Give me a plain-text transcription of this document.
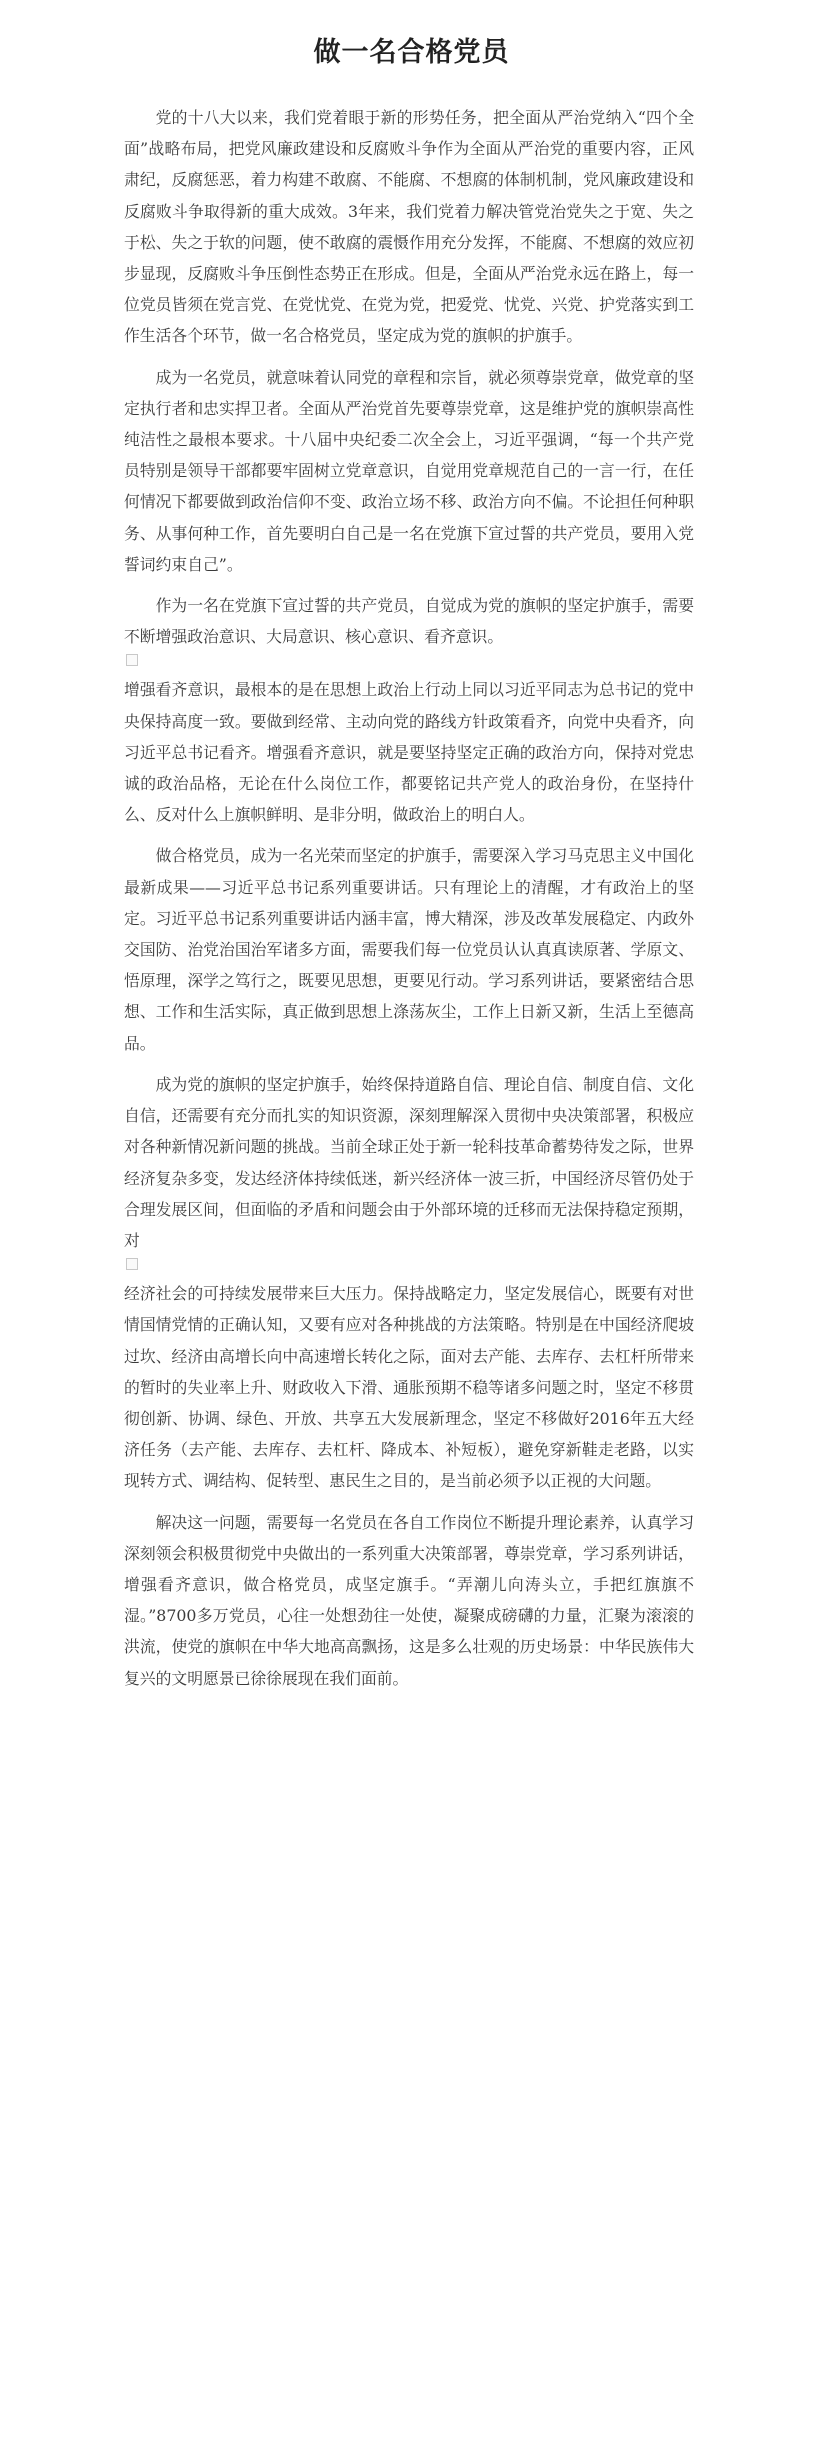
做一名合格党员

党的十八大以来，我们党着眼于新的形势任务，把全面从严治党纳入“四个全面”战略布局，把党风廉政建设和反腐败斗争作为全面从严治党的重要内容，正风肃纪，反腐惩恶，着力构建不敢腐、不能腐、不想腐的体制机制，党风廉政建设和反腐败斗争取得新的重大成效。3年来，我们党着力解决管党治党失之于宽、失之于松、失之于软的问题，使不敢腐的震慑作用充分发挥，不能腐、不想腐的效应初步显现，反腐败斗争压倒性态势正在形成。但是，全面从严治党永远在路上，每一位党员皆须在党言党、在党忧党、在党为党，把爱党、忧党、兴党、护党落实到工作生活各个环节，做一名合格党员，坚定成为党的旗帜的护旗手。

成为一名党员，就意味着认同党的章程和宗旨，就必须尊崇党章，做党章的坚定执行者和忠实捍卫者。全面从严治党首先要尊崇党章，这是维护党的旗帜崇高性纯洁性之最根本要求。十八届中央纪委二次全会上，习近平强调，“每一个共产党员特别是领导干部都要牢固树立党章意识，自觉用党章规范自己的一言一行，在任何情况下都要做到政治信仰不变、政治立场不移、政治方向不偏。不论担任何种职务、从事何种工作，首先要明白自己是一名在党旗下宣过誓的共产党员，要用入党誓词约束自己”。

作为一名在党旗下宣过誓的共产党员，自觉成为党的旗帜的坚定护旗手，需要不断增强政治意识、大局意识、核心意识、看齐意识。

增强看齐意识，最根本的是在思想上政治上行动上同以习近平同志为总书记的党中央保持高度一致。要做到经常、主动向党的路线方针政策看齐，向党中央看齐，向习近平总书记看齐。增强看齐意识，就是要坚持坚定正确的政治方向，保持对党忠诚的政治品格，无论在什么岗位工作，都要铭记共产党人的政治身份，在坚持什么、反对什么上旗帜鲜明、是非分明，做政治上的明白人。

做合格党员，成为一名光荣而坚定的护旗手，需要深入学习马克思主义中国化最新成果——习近平总书记系列重要讲话。只有理论上的清醒，才有政治上的坚定。习近平总书记系列重要讲话内涵丰富，博大精深，涉及改革发展稳定、内政外交国防、治党治国治军诸多方面，需要我们每一位党员认认真真读原著、学原文、悟原理，深学之笃行之，既要见思想，更要见行动。学习系列讲话，要紧密结合思想、工作和生活实际，真正做到思想上涤荡灰尘，工作上日新又新，生活上至德高品。

成为党的旗帜的坚定护旗手，始终保持道路自信、理论自信、制度自信、文化自信，还需要有充分而扎实的知识资源，深刻理解深入贯彻中央决策部署，积极应对各种新情况新问题的挑战。当前全球正处于新一轮科技革命蓄势待发之际，世界经济复杂多变，发达经济体持续低迷，新兴经济体一波三折，中国经济尽管仍处于合理发展区间，但面临的矛盾和问题会由于外部环境的迁移而无法保持稳定预期，对

经济社会的可持续发展带来巨大压力。保持战略定力，坚定发展信心，既要有对世情国情党情的正确认知，又要有应对各种挑战的方法策略。特别是在中国经济爬坡过坎、经济由高增长向中高速增长转化之际，面对去产能、去库存、去杠杆所带来的暂时的失业率上升、财政收入下滑、通胀预期不稳等诸多问题之时，坚定不移贯彻创新、协调、绿色、开放、共享五大发展新理念，坚定不移做好2016年五大经济任务（去产能、去库存、去杠杆、降成本、补短板），避免穿新鞋走老路，以实现转方式、调结构、促转型、惠民生之目的，是当前必须予以正视的大问题。

解决这一问题，需要每一名党员在各自工作岗位不断提升理论素养，认真学习深刻领会积极贯彻党中央做出的一系列重大决策部署，尊崇党章，学习系列讲话，增强看齐意识，做合格党员，成坚定旗手。“弄潮儿向涛头立，手把红旗旗不湿。”8700多万党员，心往一处想劲往一处使，凝聚成磅礴的力量，汇聚为滚滚的洪流，使党的旗帜在中华大地高高飘扬，这是多么壮观的历史场景：中华民族伟大复兴的文明愿景已徐徐展现在我们面前。
